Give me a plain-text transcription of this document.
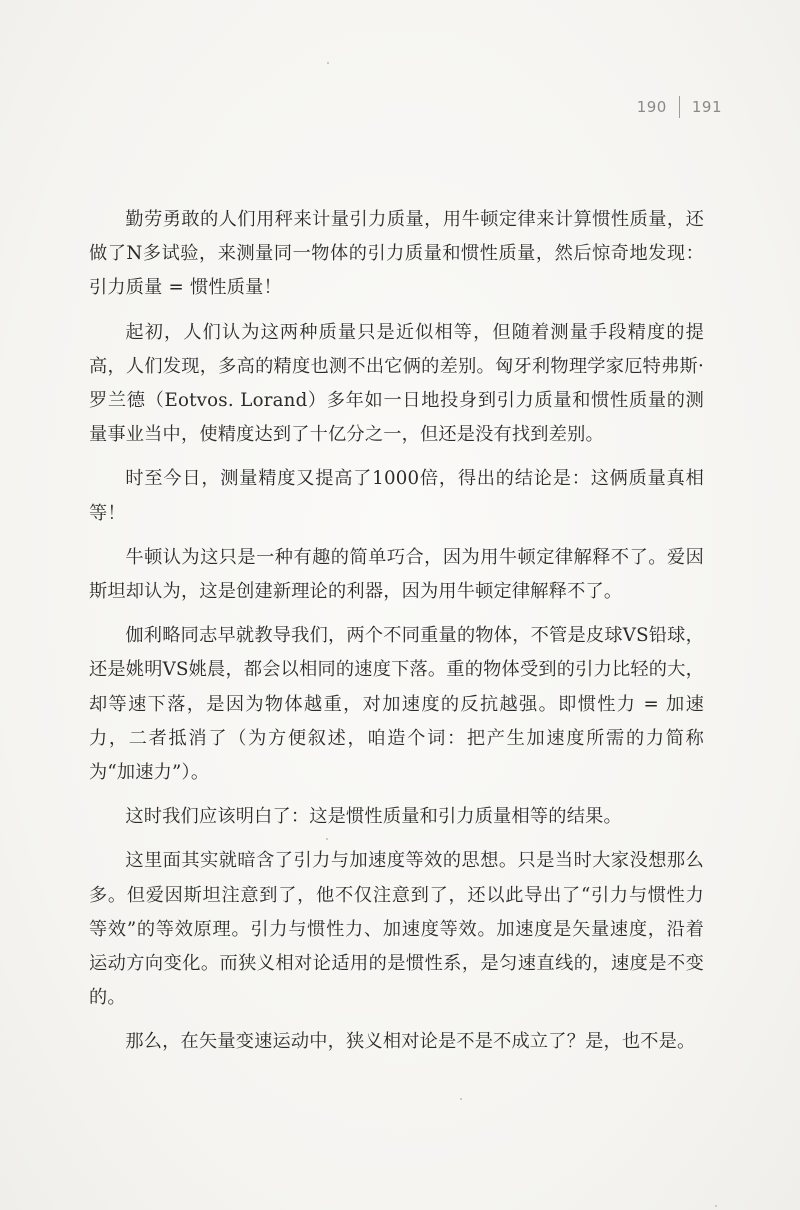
190 191

勤劳勇敢的人们用秤来计量引力质量，用牛顿定律来计算惯性质量，还做了N多试验，来测量同一物体的引力质量和惯性质量，然后惊奇地发现：引力质量 = 惯性质量！

起初，人们认为这两种质量只是近似相等，但随着测量手段精度的提高，人们发现，多高的精度也测不出它俩的差别。匈牙利物理学家厄特弗斯·罗兰德（Eotvos. Lorand）多年如一日地投身到引力质量和惯性质量的测量事业当中，使精度达到了十亿分之一，但还是没有找到差别。

时至今日，测量精度又提高了1000倍，得出的结论是：这俩质量真相等！

牛顿认为这只是一种有趣的简单巧合，因为用牛顿定律解释不了。爱因斯坦却认为，这是创建新理论的利器，因为用牛顿定律解释不了。

伽利略同志早就教导我们，两个不同重量的物体，不管是皮球VS铅球，还是姚明VS姚晨，都会以相同的速度下落。重的物体受到的引力比轻的大，却等速下落，是因为物体越重，对加速度的反抗越强。即惯性力 = 加速力，二者抵消了（为方便叙述，咱造个词：把产生加速度所需的力简称为“加速力”）。

这时我们应该明白了：这是惯性质量和引力质量相等的结果。

这里面其实就暗含了引力与加速度等效的思想。只是当时大家没想那么多。但爱因斯坦注意到了，他不仅注意到了，还以此导出了“引力与惯性力等效”的等效原理。引力与惯性力、加速度等效。加速度是矢量速度，沿着运动方向变化。而狭义相对论适用的是惯性系，是匀速直线的，速度是不变的。

那么，在矢量变速运动中，狭义相对论是不是不成立了？是，也不是。
